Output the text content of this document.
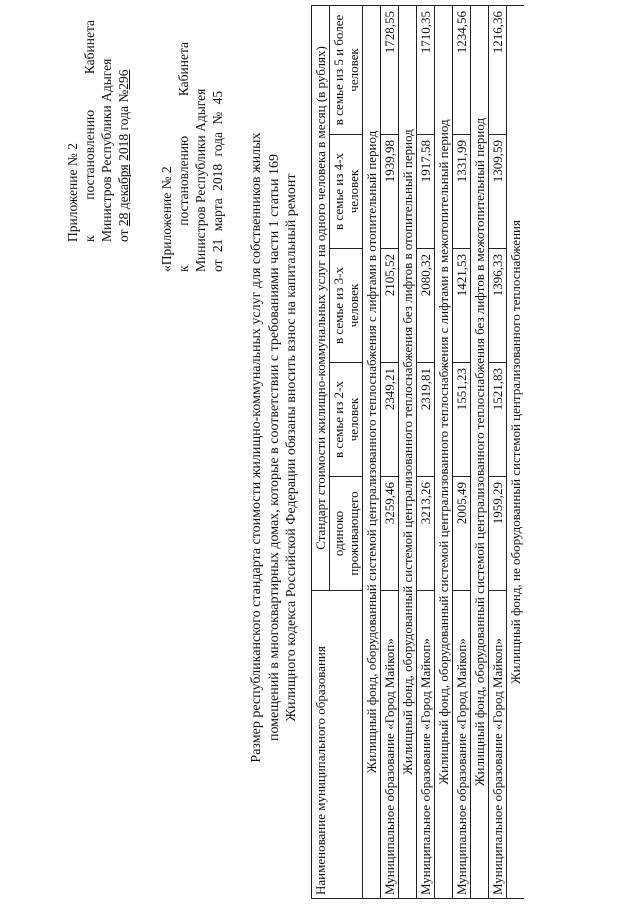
Приложение № 2 к постановлению Кабинета
Министров Республики Адыгея от 28 декабря 2018 года №296
«Приложение № 2 к постановлению Кабинета
Министров Республики Адыгея от 21 марта 2018 года № 45 Размер республиканского стандарта стоимости жилищно-коммунальных услуг для собственников жилых помещений в многоквартирных домах, которые в соответствии с требованиями части 1 статьи 169 Жилищного кодекса Российской Федерации обязаны вносить взнос на капитальный ремонт
Наименование муниципального образования	Стандарт стоимости жилищно-коммунальных услуг на одного человека в месяц (в рублях)				
	одиноко проживающего	в семье из 2-х человек	в семье из 3-х человек	в семье из 4-х человек	в семье из 5 и более человек
Жилищный фонд, оборудованный системой централизованного теплоснабжения с лифтами в отопительный период					
Муниципальное образование «Город Майкоп»	3259,46	2349,21	2105,52	1939,98	1728,55
Жилищный фонд, оборудованный системой централизованного теплоснабжения без лифтов в отопительный период					
Муниципальное образование «Город Майкоп»	3213,26	2319,81	2080,32	1917,58	1710,35
Жилищный фонд, оборудованный системой централизованного теплоснабжения с лифтами в межотопительный период					
Муниципальное образование «Город Майкоп»	2005,49	1551,23	1421,53	1331,99	1234,56
Жилищный фонд, оборудованный системой централизованного теплоснабжения без лифтов в межотопительный период					
Муниципальное образование «Город Майкоп»	1959,29	1521,83	1396,33	1309,59	1216,36
Жилищный фонд, не оборудованный системой централизованного теплоснабжения					
